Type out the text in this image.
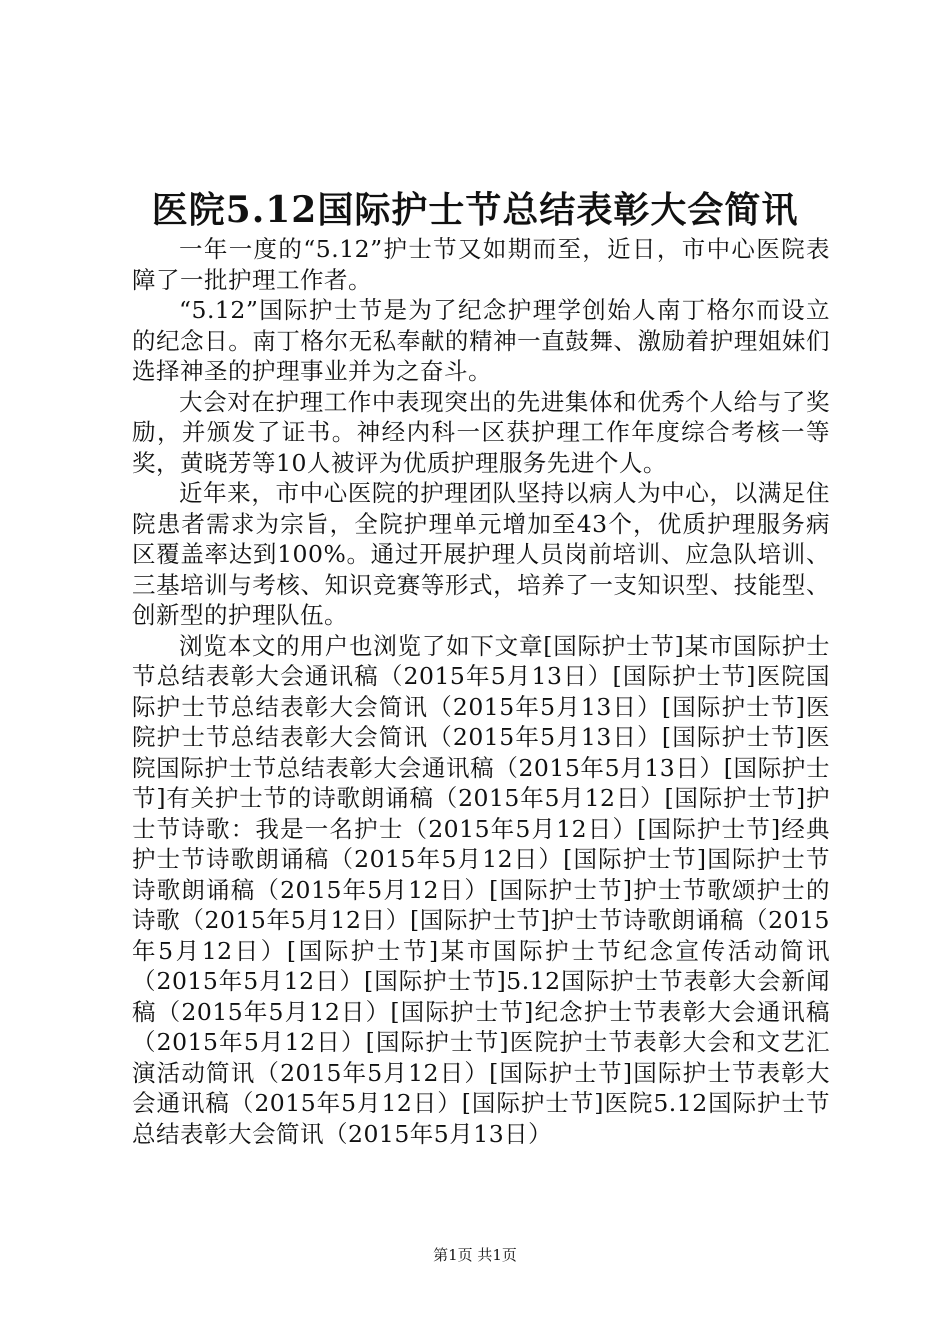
医院5.12国际护士节总结表彰大会简讯

一年一度的“5.12”护士节又如期而至，近日，市中心医院表障了一批护理工作者。

“5.12”国际护士节是为了纪念护理学创始人南丁格尔而设立的纪念日。南丁格尔无私奉献的精神一直鼓舞、激励着护理姐妹们选择神圣的护理事业并为之奋斗。

大会对在护理工作中表现突出的先进集体和优秀个人给与了奖励，并颁发了证书。神经内科一区获护理工作年度综合考核一等奖，黄晓芳等10人被评为优质护理服务先进个人。

近年来，市中心医院的护理团队坚持以病人为中心，以满足住院患者需求为宗旨，全院护理单元增加至43个，优质护理服务病区覆盖率达到100%。通过开展护理人员岗前培训、应急队培训、三基培训与考核、知识竞赛等形式，培养了一支知识型、技能型、创新型的护理队伍。

浏览本文的用户也浏览了如下文章[国际护士节]某市国际护士节总结表彰大会通讯稿（2015年5月13日）[国际护士节]医院国际护士节总结表彰大会简讯（2015年5月13日）[国际护士节]医院护士节总结表彰大会简讯（2015年5月13日）[国际护士节]医院国际护士节总结表彰大会通讯稿（2015年5月13日）[国际护士节]有关护士节的诗歌朗诵稿（2015年5月12日）[国际护士节]护士节诗歌：我是一名护士（2015年5月12日）[国际护士节]经典护士节诗歌朗诵稿（2015年5月12日）[国际护士节]国际护士节诗歌朗诵稿（2015年5月12日）[国际护士节]护士节歌颂护士的诗歌（2015年5月12日）[国际护士节]护士节诗歌朗诵稿（2015年5月12日）[国际护士节]某市国际护士节纪念宣传活动简讯（2015年5月12日）[国际护士节]5.12国际护士节表彰大会新闻稿（2015年5月12日）[国际护士节]纪念护士节表彰大会通讯稿（2015年5月12日）[国际护士节]医院护士节表彰大会和文艺汇演活动简讯（2015年5月12日）[国际护士节]国际护士节表彰大会通讯稿（2015年5月12日）[国际护士节]医院5.12国际护士节总结表彰大会简讯（2015年5月13日）

第1页 共1页
